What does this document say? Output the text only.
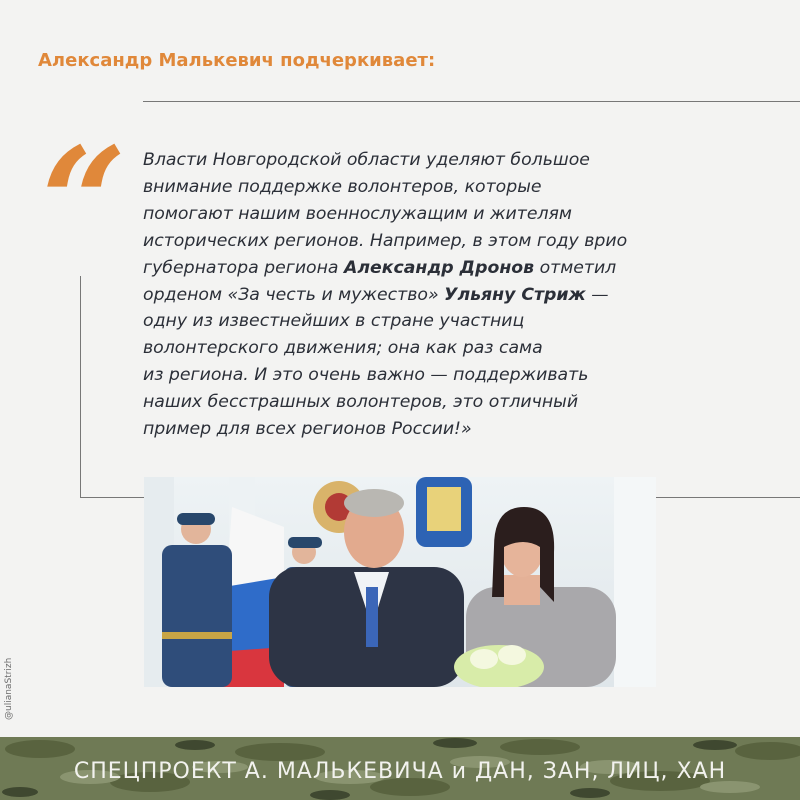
Александр Малькевич подчеркивает:
“ Власти Новгородской области уделяют большое
вниманиe поддержке волонтеров, которые
помогают нашим военнослужащим и жителям
исторических регионов. Например, в этом году врио
губернатора региона Александр Дронов отметил
орденом «За честь и мужество» Ульяну Стриж —
одну из известнейших в стране участниц
волонтерского движения; она как раз сама
из региона. И это очень важно — поддерживать
наших бесстрашных волонтеров, это отличный
пример для всех регионов России!»
@ulianaStrizh
СПЕЦПРОЕКТ А. МАЛЬКЕВИЧА и ДАН, ЗАН, ЛИЦ, ХАН
